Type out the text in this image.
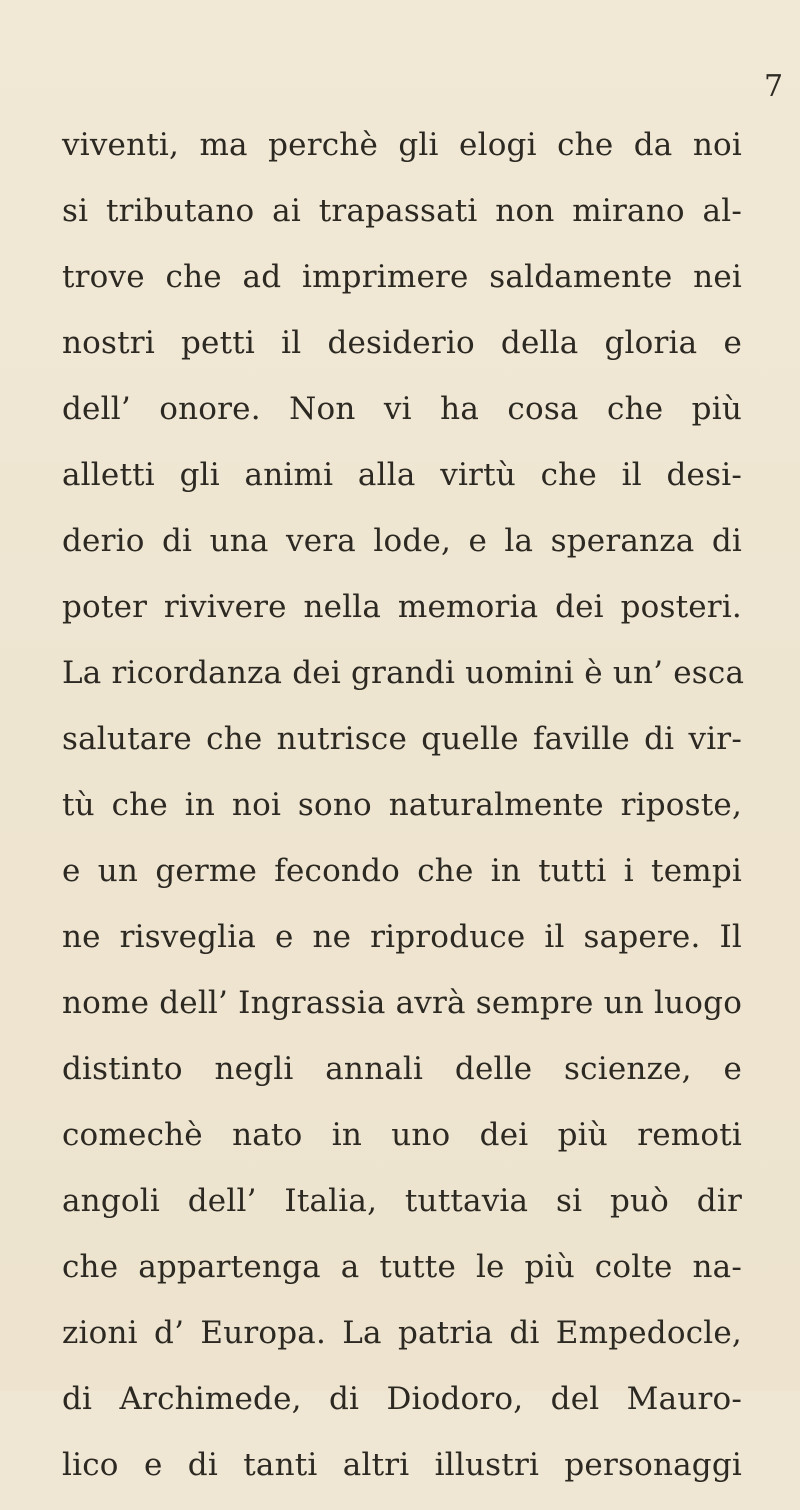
7
viventi, ma perchè gli elogi che da noi
si tributano ai trapassati non mirano al-
trove che ad imprimere saldamente nei
nostri petti il desiderio della gloria e
dell’ onore. Non vi ha cosa che più
alletti gli animi alla virtù che il desi-
derio di una vera lode, e la speranza di
poter rivivere nella memoria dei posteri.
La ricordanza dei grandi uomini è un’ esca
salutare che nutrisce quelle faville di vir-
tù che in noi sono naturalmente riposte,
e un germe fecondo che in tutti i tempi
ne risveglia e ne riproduce il sapere. Il
nome dell’ Ingrassia avrà sempre un luogo
distinto negli annali delle scienze, e
comechè nato in uno dei più remoti
angoli dell’ Italia, tuttavia si può dir
che appartenga a tutte le più colte na-
zioni d’ Europa. La patria di Empedocle,
di Archimede, di Diodoro, del Mauro-
lico e di tanti altri illustri personaggi
